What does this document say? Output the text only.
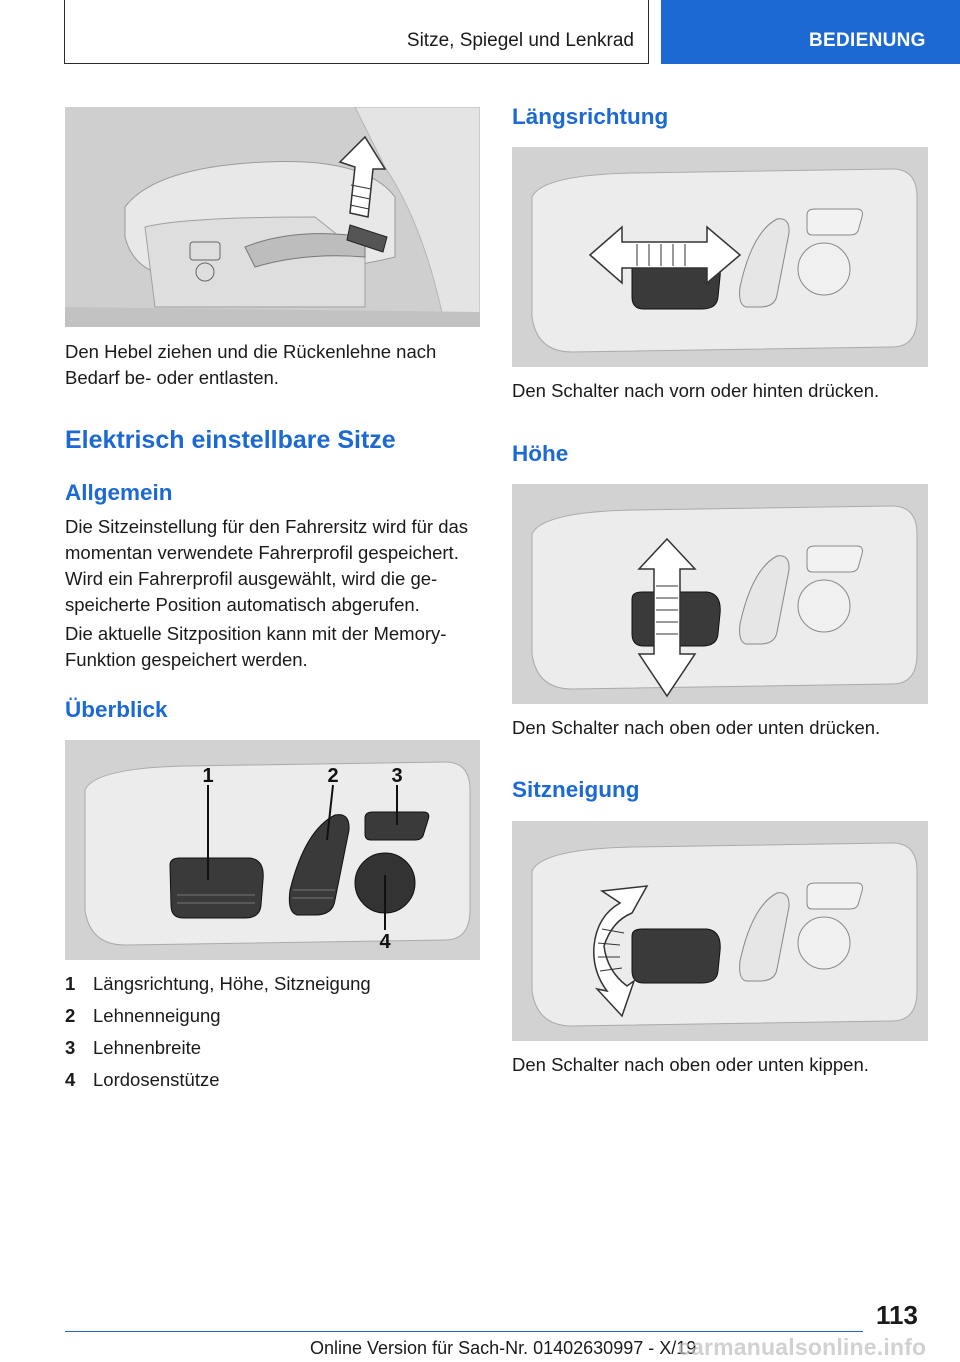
Sitze, Spiegel und Lenkrad	BEDIENUNG
Den Hebel ziehen und die Rückenlehne nach
Bedarf be- oder entlasten.
Elektrisch einstellbare Sitze
Allgemein
Die Sitzeinstellung für den Fahrersitz wird für das
momentan verwendete Fahrerprofil gespeichert.
Wird ein Fahrerprofil ausgewählt, wird die ge-
speicherte Position automatisch abgerufen.
Die aktuelle Sitzposition kann mit der Memory-
Funktion gespeichert werden.
Überblick
1	2	3
4
1 Längsrichtung, Höhe, Sitzneigung
2 Lehnenneigung
3 Lehnenbreite
4 Lordosenstütze
Längsrichtung
Den Schalter nach vorn oder hinten drücken.
Höhe
Den Schalter nach oben oder unten drücken.
Sitzneigung
Den Schalter nach oben oder unten kippen.
113
Online Version für Sach-Nr. 01402630997 - X/19
carmanualsonline.info
